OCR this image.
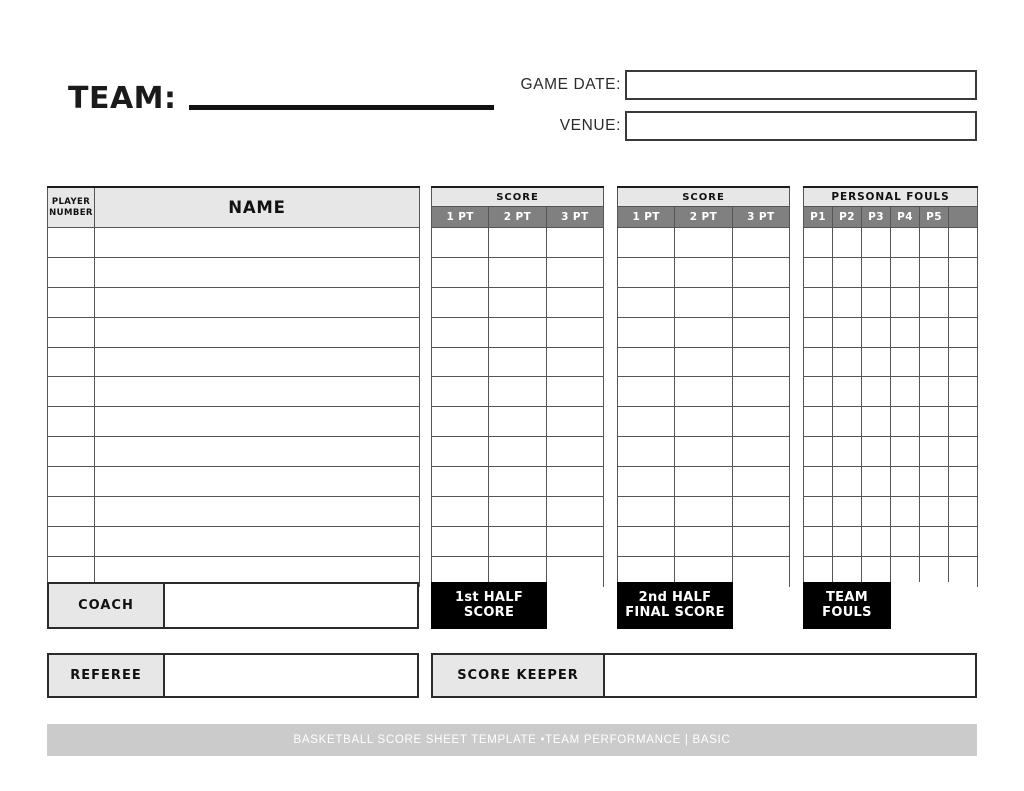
TEAM:	GAME DATE:
VENUE:
PLAYER
NUMBER	NAME

SCORE		
1 PT	2 PT	3 PT

SCORE		
1 PT	2 PT	3 PT

PERSONAL FOULS					
P1	P2	P3	P4	P5	

COACH
1st HALF
SCORE
2nd HALF
FINAL SCORE
TEAM
FOULS
REFEREE	SCORE KEEPER
BASKETBALL SCORE SHEET TEMPLATE •TEAM PERFORMANCE | BASIC
